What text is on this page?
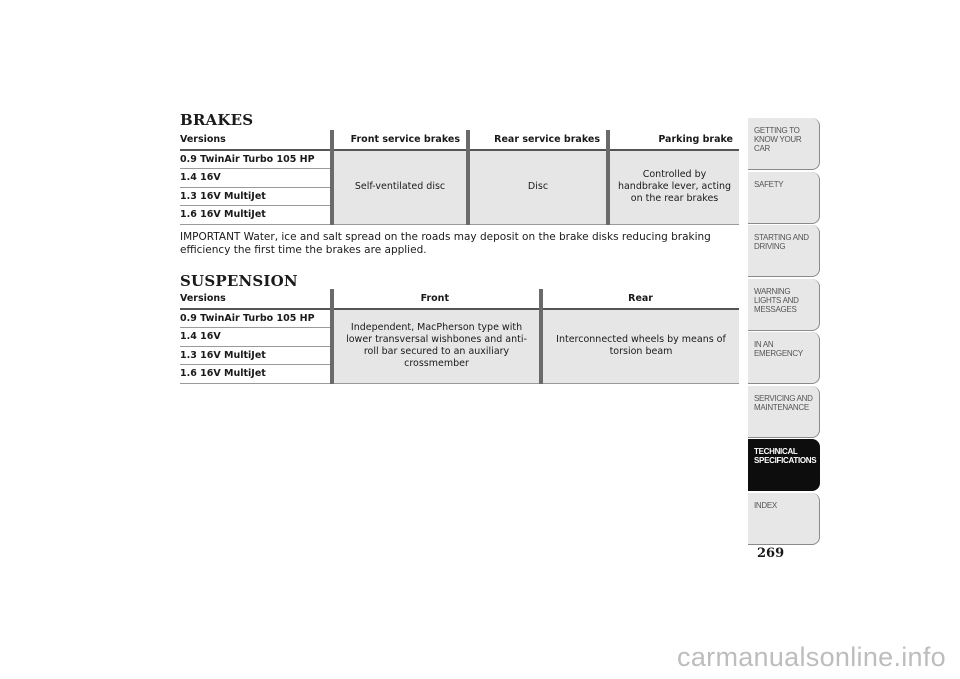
BRAKES
Versions	Front service brakes	Rear service brakes	Parking brake
0.9 TwinAir Turbo 105 HP	Self-ventilated disc	Disc	Controlled by handbrake lever, acting on the rear brakes
1.4 16V			
1.3 16V MultiJet			
1.6 16V MultiJet			
IMPORTANT Water, ice and salt spread on the roads may deposit on the brake disks reducing braking efficiency the first time the brakes are applied.
SUSPENSION
Versions	Front	Rear
0.9 TwinAir Turbo 105 HP	Independent, MacPherson type with lower transversal wishbones and anti-roll bar secured to an auxiliary crossmember	Interconnected wheels by means of torsion beam
1.4 16V		
1.3 16V MultiJet		
1.6 16V MultiJet		
GETTING TO KNOW YOUR CAR
SAFETY
STARTING AND DRIVING
WARNING LIGHTS AND MESSAGES
IN AN EMERGENCY
SERVICING AND MAINTENANCE
TECHNICAL SPECIFICATIONS
INDEX
269
carmanualsonline.info
